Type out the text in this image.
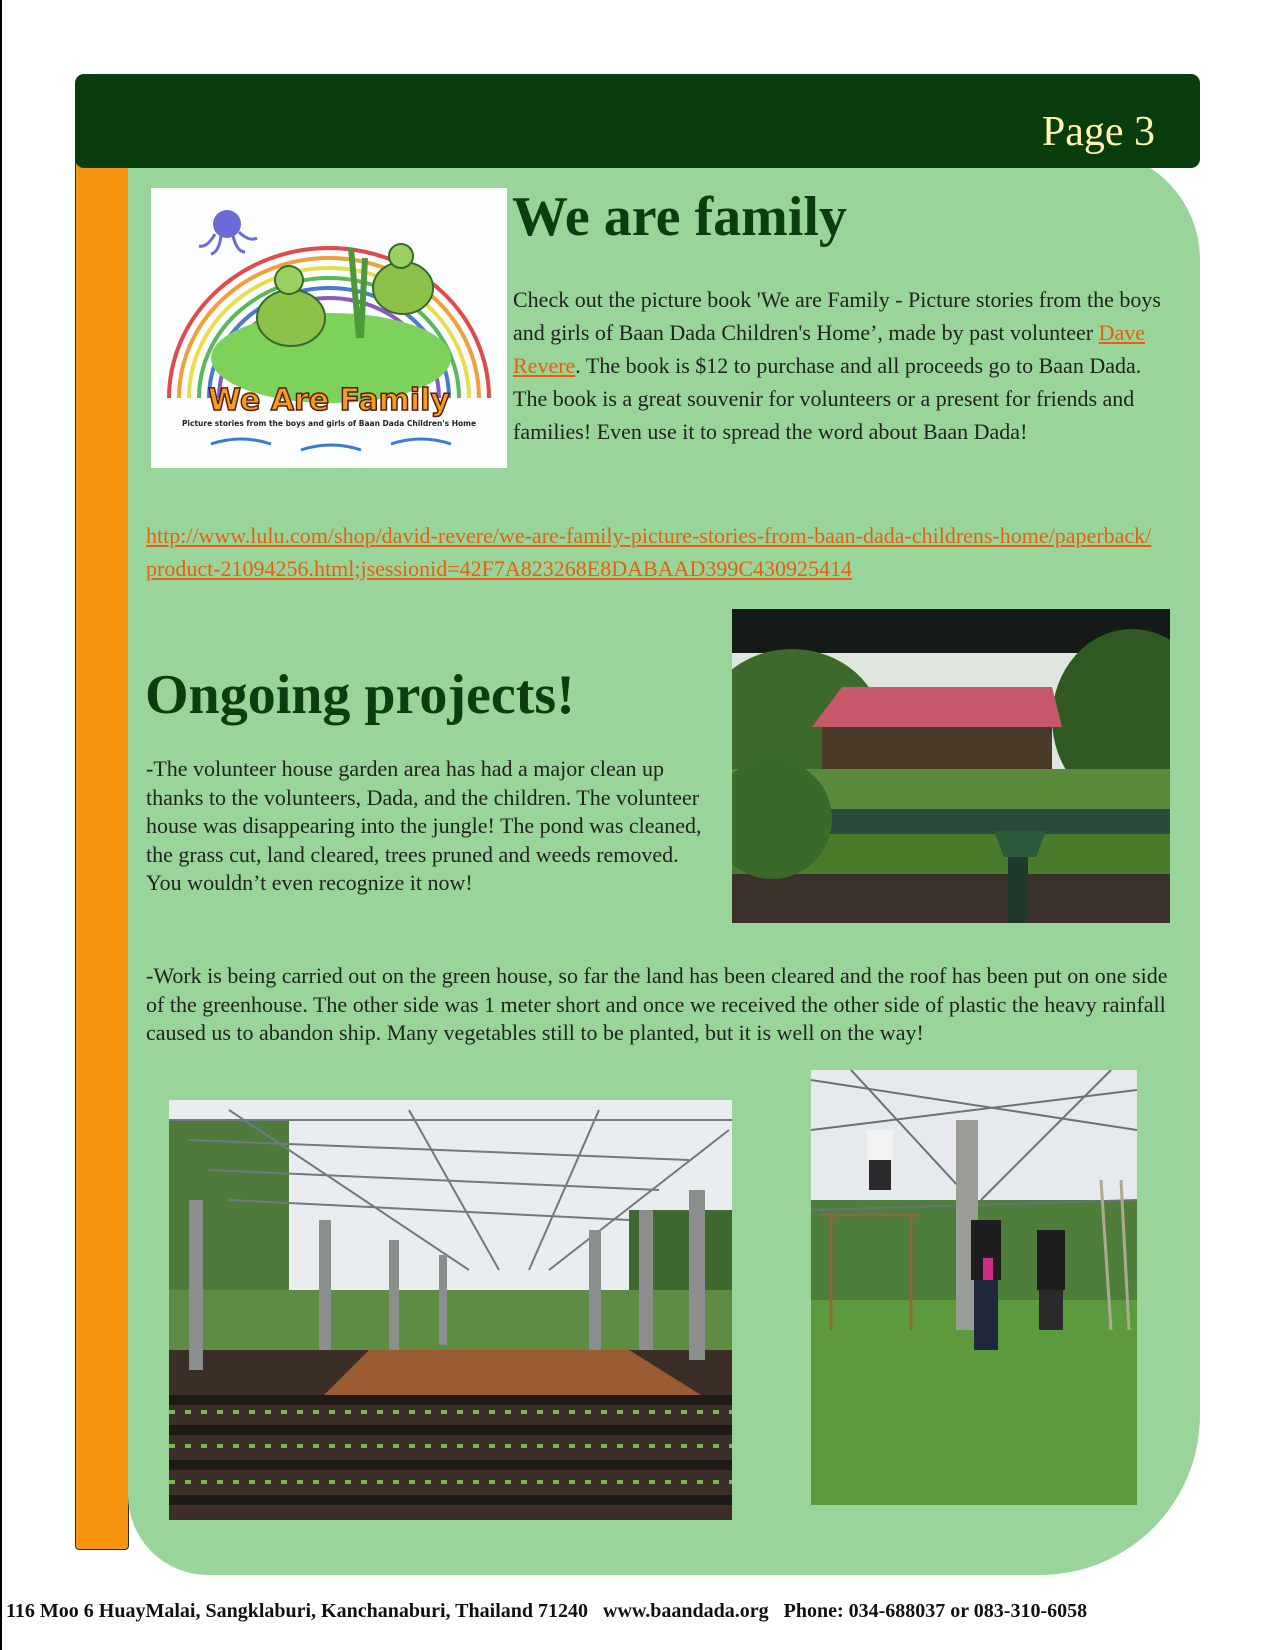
Page 3
We Are Family
Picture stories from the boys and girls of Baan Dada Children's Home
We are family

Check out the picture book 'We are Family - Picture stories from the boys and girls of Baan Dada Children's Home’, made by past volunteer Dave Revere. The book is $12 to purchase and all proceeds go to Baan Dada. The book is a great souvenir for volunteers or a present for friends and families! Even use it to spread the word about Baan Dada!

http://www.lulu.com/shop/david-revere/we-are-family-picture-stories-from-baan-dada-childrens-home/paperback/product-21094256.html;jsessionid=42F7A823268E8DABAAD399C430925414
Ongoing projects!

-The volunteer house garden area has had a major clean up thanks to the volunteers, Dada, and the children. The volunteer house was disappearing into the jungle! The pond was cleaned, the grass cut, land cleared, trees pruned and weeds removed. You wouldn’t even recognize it now!

-Work is being carried out on the green house, so far the land has been cleared and the roof has been put on one side of the greenhouse. The other side was 1 meter short and once we received the other side of plastic the heavy rainfall caused us to abandon ship. Many vegetables still to be planted, but it is well on the way!

116 Moo 6 HuayMalai, Sangklaburi, Kanchanaburi, Thailand 71240 www.baandada.org Phone: 034-688037 or 083-310-6058
